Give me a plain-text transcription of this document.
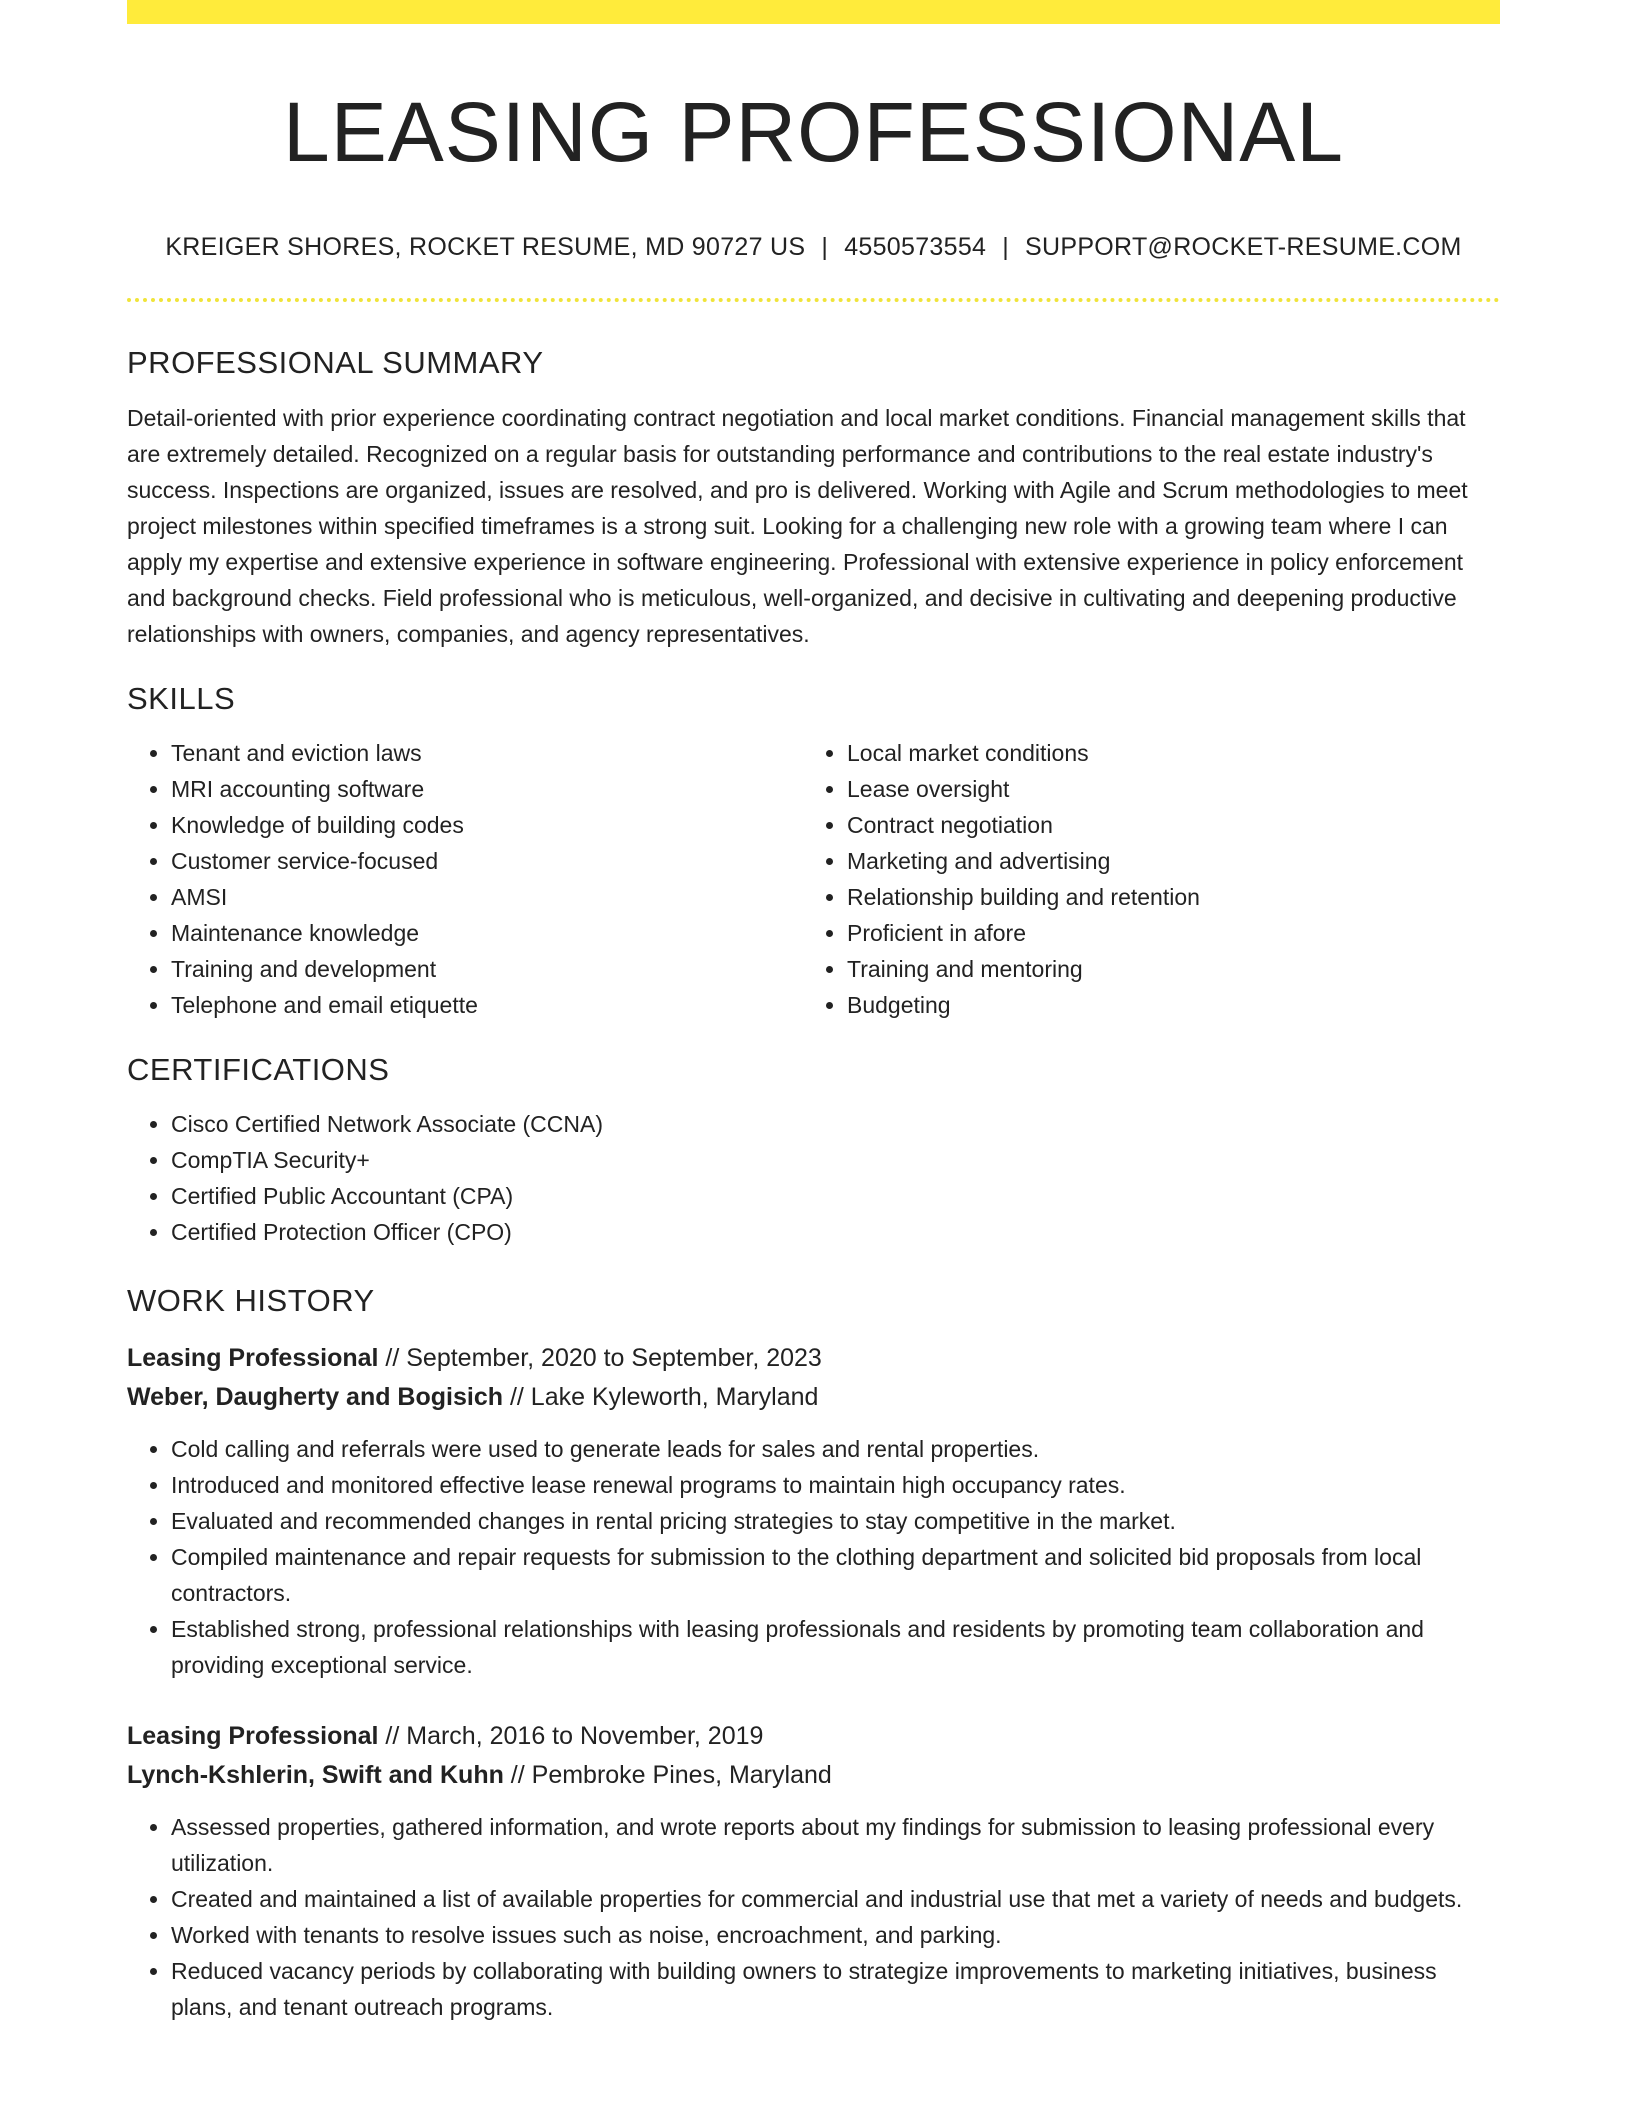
LEASING PROFESSIONAL
KREIGER SHORES, ROCKET RESUME, MD 90727 US | 4550573554 | SUPPORT@ROCKET-RESUME.COM
PROFESSIONAL SUMMARY

Detail-oriented with prior experience coordinating contract negotiation and local market conditions. Financial management skills that are extremely detailed. Recognized on a regular basis for outstanding performance and contributions to the real estate industry's success. Inspections are organized, issues are resolved, and pro is delivered. Working with Agile and Scrum methodologies to meet project milestones within specified timeframes is a strong suit. Looking for a challenging new role with a growing team where I can apply my expertise and extensive experience in software engineering. Professional with extensive experience in policy enforcement and background checks. Field professional who is meticulous, well-organized, and decisive in cultivating and deepening productive relationships with owners, companies, and agency representatives.

SKILLS
• Tenant and eviction laws
• MRI accounting software
• Knowledge of building codes
• Customer service-focused
• AMSI
• Maintenance knowledge
• Training and development
• Telephone and email etiquette
• Local market conditions
• Lease oversight
• Contract negotiation
• Marketing and advertising
• Relationship building and retention
• Proficient in afore
• Training and mentoring
• Budgeting
CERTIFICATIONS
• Cisco Certified Network Associate (CCNA)
• CompTIA Security+
• Certified Public Accountant (CPA)
• Certified Protection Officer (CPO)
WORK HISTORY
Leasing Professional // September, 2020 to September, 2023
Weber, Daugherty and Bogisich // Lake Kyleworth, Maryland
• Cold calling and referrals were used to generate leads for sales and rental properties.
• Introduced and monitored effective lease renewal programs to maintain high occupancy rates.
• Evaluated and recommended changes in rental pricing strategies to stay competitive in the market.
• Compiled maintenance and repair requests for submission to the clothing department and solicited bid proposals from local contractors.
• Established strong, professional relationships with leasing professionals and residents by promoting team collaboration and providing exceptional service.
Leasing Professional // March, 2016 to November, 2019
Lynch-Kshlerin, Swift and Kuhn // Pembroke Pines, Maryland
• Assessed properties, gathered information, and wrote reports about my findings for submission to leasing professional every utilization.
• Created and maintained a list of available properties for commercial and industrial use that met a variety of needs and budgets.
• Worked with tenants to resolve issues such as noise, encroachment, and parking.
• Reduced vacancy periods by collaborating with building owners to strategize improvements to marketing initiatives, business plans, and tenant outreach programs.
